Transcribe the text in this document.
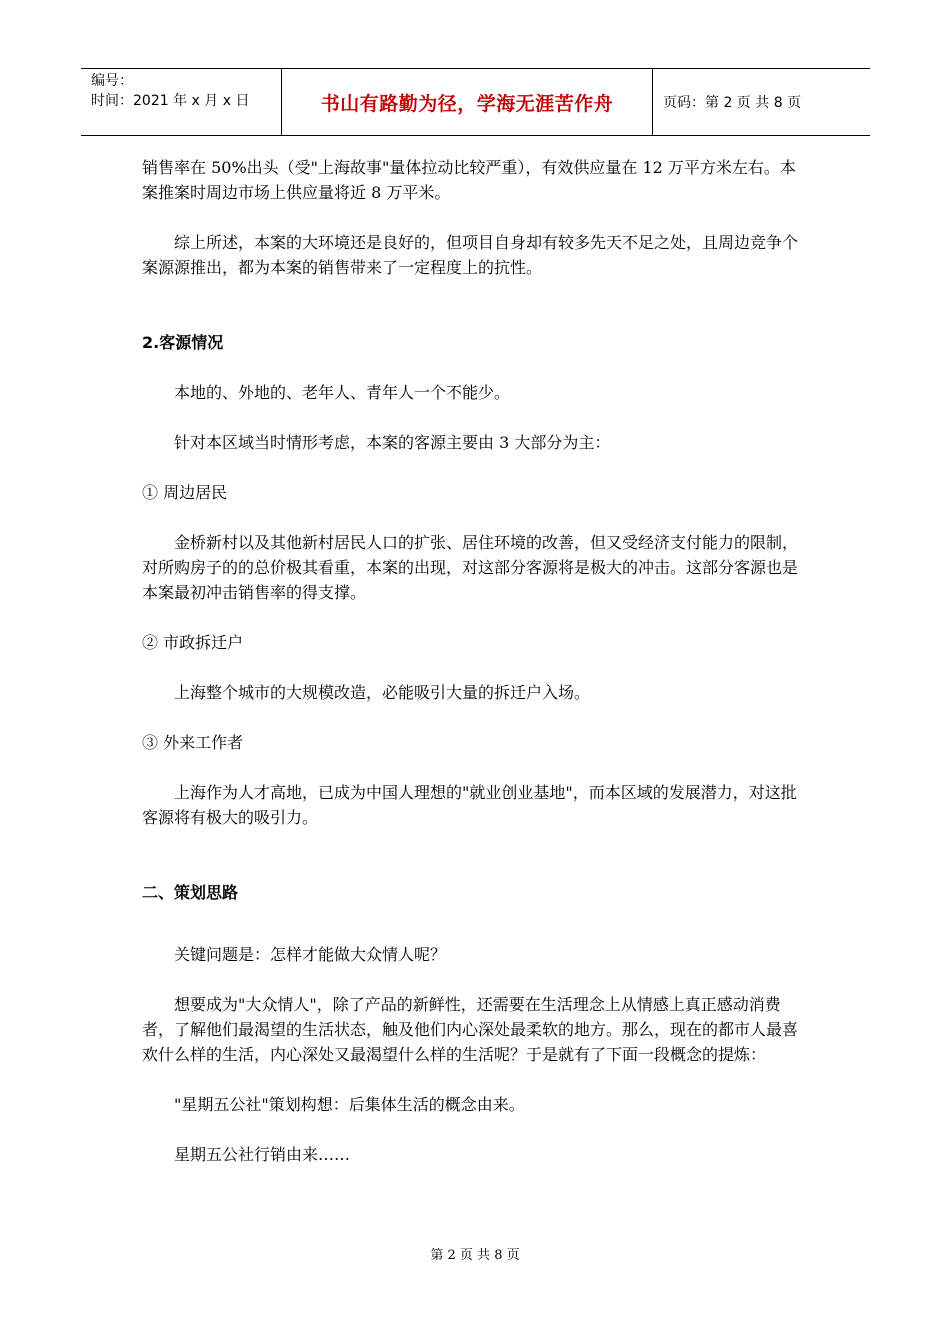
编号：
时间：2021 年 x 月 x 日	书山有路勤为径，学海无涯苦作舟	页码：第 2 页 共 8 页

销售率在 50%出头（受"上海故事"量体拉动比较严重），有效供应量在 12 万平方米左右。本案推案时周边市场上供应量将近 8 万平米。

综上所述，本案的大环境还是良好的，但项目自身却有较多先天不足之处，且周边竞争个案源源推出，都为本案的销售带来了一定程度上的抗性。

2.客源情况

本地的、外地的、老年人、青年人一个不能少。

针对本区域当时情形考虑，本案的客源主要由 3 大部分为主：

① 周边居民

金桥新村以及其他新村居民人口的扩张、居住环境的改善，但又受经济支付能力的限制，对所购房子的的总价极其看重，本案的出现，对这部分客源将是极大的冲击。这部分客源也是本案最初冲击销售率的得支撑。

② 市政拆迁户

上海整个城市的大规模改造，必能吸引大量的拆迁户入场。

③ 外来工作者

上海作为人才高地，已成为中国人理想的"就业创业基地"，而本区域的发展潜力，对这批客源将有极大的吸引力。

二、策划思路

关键问题是：怎样才能做大众情人呢？

想要成为"大众情人"，除了产品的新鲜性，还需要在生活理念上从情感上真正感动消费者，了解他们最渴望的生活状态，触及他们内心深处最柔软的地方。那么，现在的都市人最喜欢什么样的生活，内心深处又最渴望什么样的生活呢？于是就有了下面一段概念的提炼：

"星期五公社"策划构想：后集体生活的概念由来。

星期五公社行销由来……

第 2 页 共 8 页
